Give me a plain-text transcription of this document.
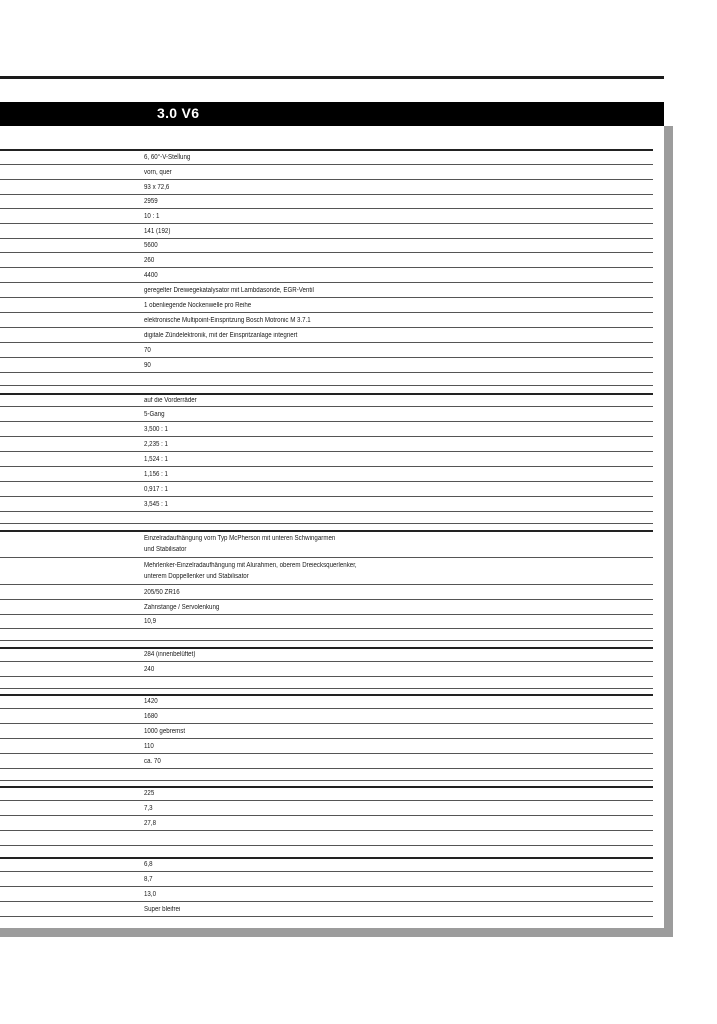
3.0 V6
6, 60°-V-Stellung
vorn, quer
93 x 72,6
2959
10 : 1
141 (192)
5600
260
4400
geregelter Dreiwegekatalysator mit Lambdasonde, EGR-Ventil
1 obenliegende Nockenwelle pro Reihe
elektronische Multipoint-Einspritzung Bosch Motronic M 3.7.1
digitale Zündelektronik, mit der Einspritzanlage integriert
70
90
auf die Vorderräder
5-Gang
3,500 : 1
2,235 : 1
1,524 : 1
1,156 : 1
0,917 : 1
3,545 : 1
Einzelradaufhängung vorn Typ McPherson mit unteren Schwingarmen
und Stabilisator
Mehrlenker-Einzelradaufhängung mit Alurahmen, oberem Dreiecksquerlenker,
unterem Doppellenker und Stabilisator
205/50 ZR16
Zahnstange / Servolenkung
10,9
284 (innenbelüftet)
240
1420
1680
1000 gebremst
110
ca. 70
225
7,3
27,8
6,8
8,7
13,0
Super bleifrei
